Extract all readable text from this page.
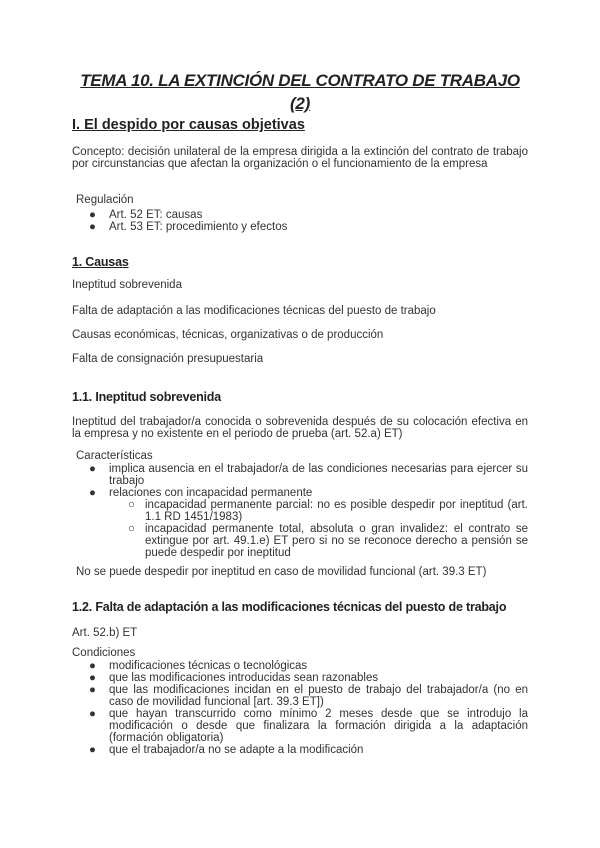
TEMA 10. LA EXTINCIÓN DEL CONTRATO DE TRABAJO
(2)
I. El despido por causas objetivas
Concepto: decisión unilateral de la empresa dirigida a la extinción del contrato de trabajo por circunstancias que afectan la organización o el funcionamiento de la empresa
Regulación
● Art. 52 ET: causas
● Art. 53 ET: procedimiento y efectos
1. Causas
Ineptitud sobrevenida
Falta de adaptación a las modificaciones técnicas del puesto de trabajo
Causas económicas, técnicas, organizativas o de producción
Falta de consignación presupuestaria
1.1. Ineptitud sobrevenida
Ineptitud del trabajador/a conocida o sobrevenida después de su colocación efectiva en la empresa y no existente en el periodo de prueba (art. 52.a) ET)
Características
● implica ausencia en el trabajador/a de las condiciones necesarias para ejercer su trabajo
● relaciones con incapacidad permanente
○ incapacidad permanente parcial: no es posible despedir por ineptitud (art. 1.1 RD 1451/1983)
○ incapacidad permanente total, absoluta o gran invalidez: el contrato se extingue por art. 49.1.e) ET pero si no se reconoce derecho a pensión se puede despedir por ineptitud
No se puede despedir por ineptitud en caso de movilidad funcional (art. 39.3 ET)
1.2. Falta de adaptación a las modificaciones técnicas del puesto de trabajo
Art. 52.b) ET
Condiciones
● modificaciones técnicas o tecnológicas
● que las modificaciones introducidas sean razonables
● que las modificaciones incidan en el puesto de trabajo del trabajador/a (no en caso de movilidad funcional [art. 39.3 ET])
● que hayan transcurrido como mínimo 2 meses desde que se introdujo la modificación o desde que finalizara la formación dirigida a la adaptación (formación obligatoria)
● que el trabajador/a no se adapte a la modificación
